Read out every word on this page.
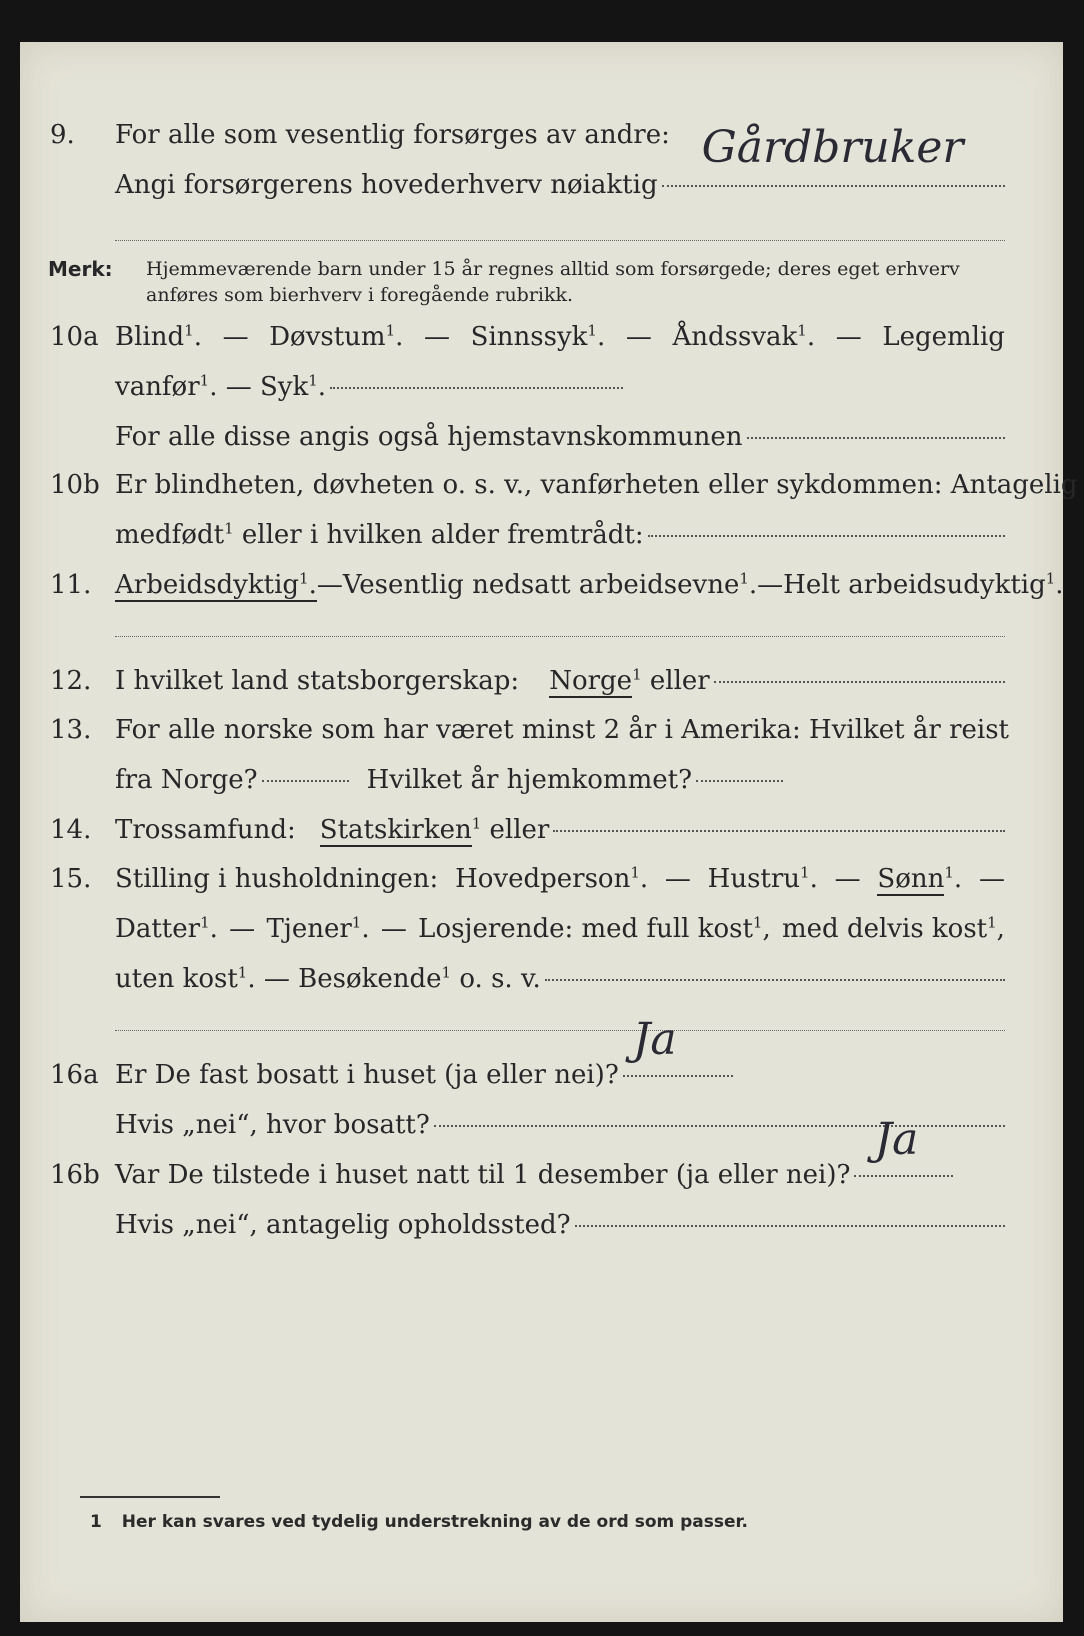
9. For alle som vesentlig forsørges av andre:
Angi forsørgerens hovederhverv nøiaktig
Gårdbruker
Merk: Hjemmeværende barn under 15 år regnes alltid som forsørgede; deres eget erhverv
anføres som bierhverv i foregående rubrikk.
10a Blind$^1$. — Døvstum$^1$. — Sinnssyk$^1$. — Åndssvak$^1$. — Legemlig
vanfør$^1$. — Syk$^1$.
For alle disse angis også hjemstavnskommunen
10b Er blindheten, døvheten o. s. v., vanførheten eller sykdommen: Antagelig
medfødt$^1$ eller i hvilken alder fremtrådt:
11. Arbeidsdyktig$^1$. — Vesentlig nedsatt arbeidsevne$^1$. — Helt arbeidsudyktig$^1$.
12. I hvilket land statsborgerskap: Norge$^1$ eller
13. For alle norske som har været minst 2 år i Amerika: Hvilket år reist
fra Norge?	Hvilket år hjemkommet?
14. Trossamfund: Statskirken$^1$ eller
15. Stilling i husholdningen: Hovedperson$^1$. — Hustru$^1$. — Sønn$^1$. —
Datter$^1$. — Tjener$^1$. — Losjerende: med full kost$^1$, med delvis kost$^1$,
uten kost$^1$. — Besøkende$^1$ o. s. v.
16a Er De fast bosatt i huset (ja eller nei)?
Ja
Hvis „nei“, hvor bosatt?
16b Var De tilstede i huset natt til 1 desember (ja eller nei)?
Ja
Hvis „nei“, antagelig opholdssted?
1 Her kan svares ved tydelig understrekning av de ord som passer.
